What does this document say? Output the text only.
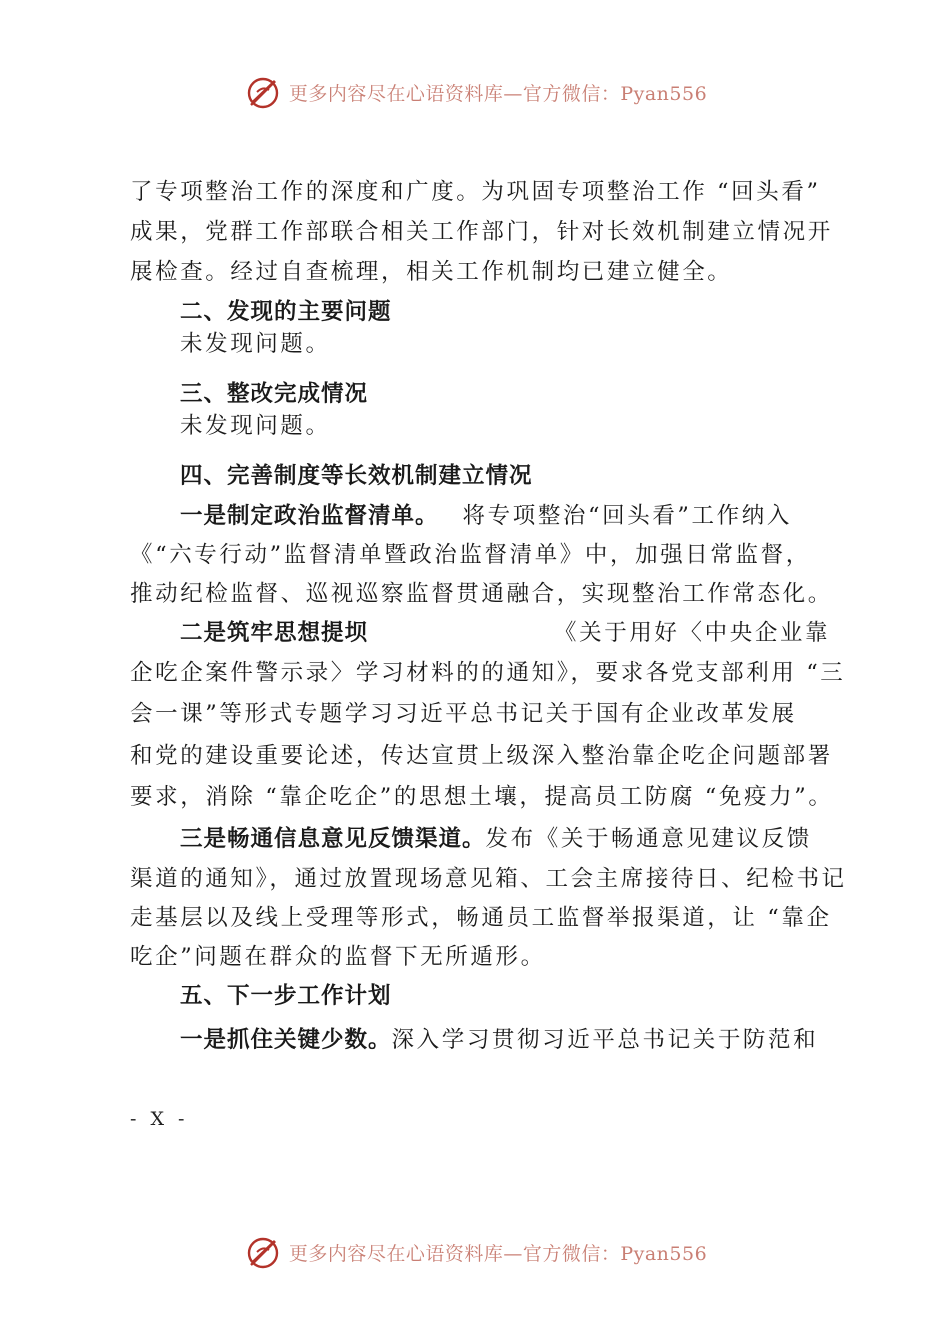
更多内容尽在心语资料库—官方微信：Pyan556
了专项整治工作的深度和广度。为巩固专项整治工作 “回头看”
成果，党群工作部联合相关工作部门，针对长效机制建立情况开
展检查。经过自查梳理，相关工作机制均已建立健全。
二、发现的主要问题
未发现问题。
三、整改完成情况
未发现问题。
四、完善制度等长效机制建立情况
一是制定政治监督清单。 将专项整治“回头看”工作纳入
《“六专行动”监督清单暨政治监督清单》中，加强日常监督，
推动纪检监督、巡视巡察监督贯通融合，实现整治工作常态化。
二是筑牢思想提坝	《关于用好〈中央企业靠
企吃企案件警示录〉学习材料的的通知》，要求各党支部利用 “三
会一课”等形式专题学习习近平总书记关于国有企业改革发展
和党的建设重要论述，传达宣贯上级深入整治靠企吃企问题部署
要求，消除 “靠企吃企”的思想土壤，提高员工防腐 “免疫力”。
三是畅通信息意见反馈渠道。发布《关于畅通意见建议反馈
渠道的通知》，通过放置现场意见箱、工会主席接待日、纪检书记
走基层以及线上受理等形式，畅通员工监督举报渠道，让 “靠企
吃企”问题在群众的监督下无所遁形。
五、下一步工作计划
一是抓住关键少数。深入学习贯彻习近平总书记关于防范和
- X -
更多内容尽在心语资料库—官方微信：Pyan556
